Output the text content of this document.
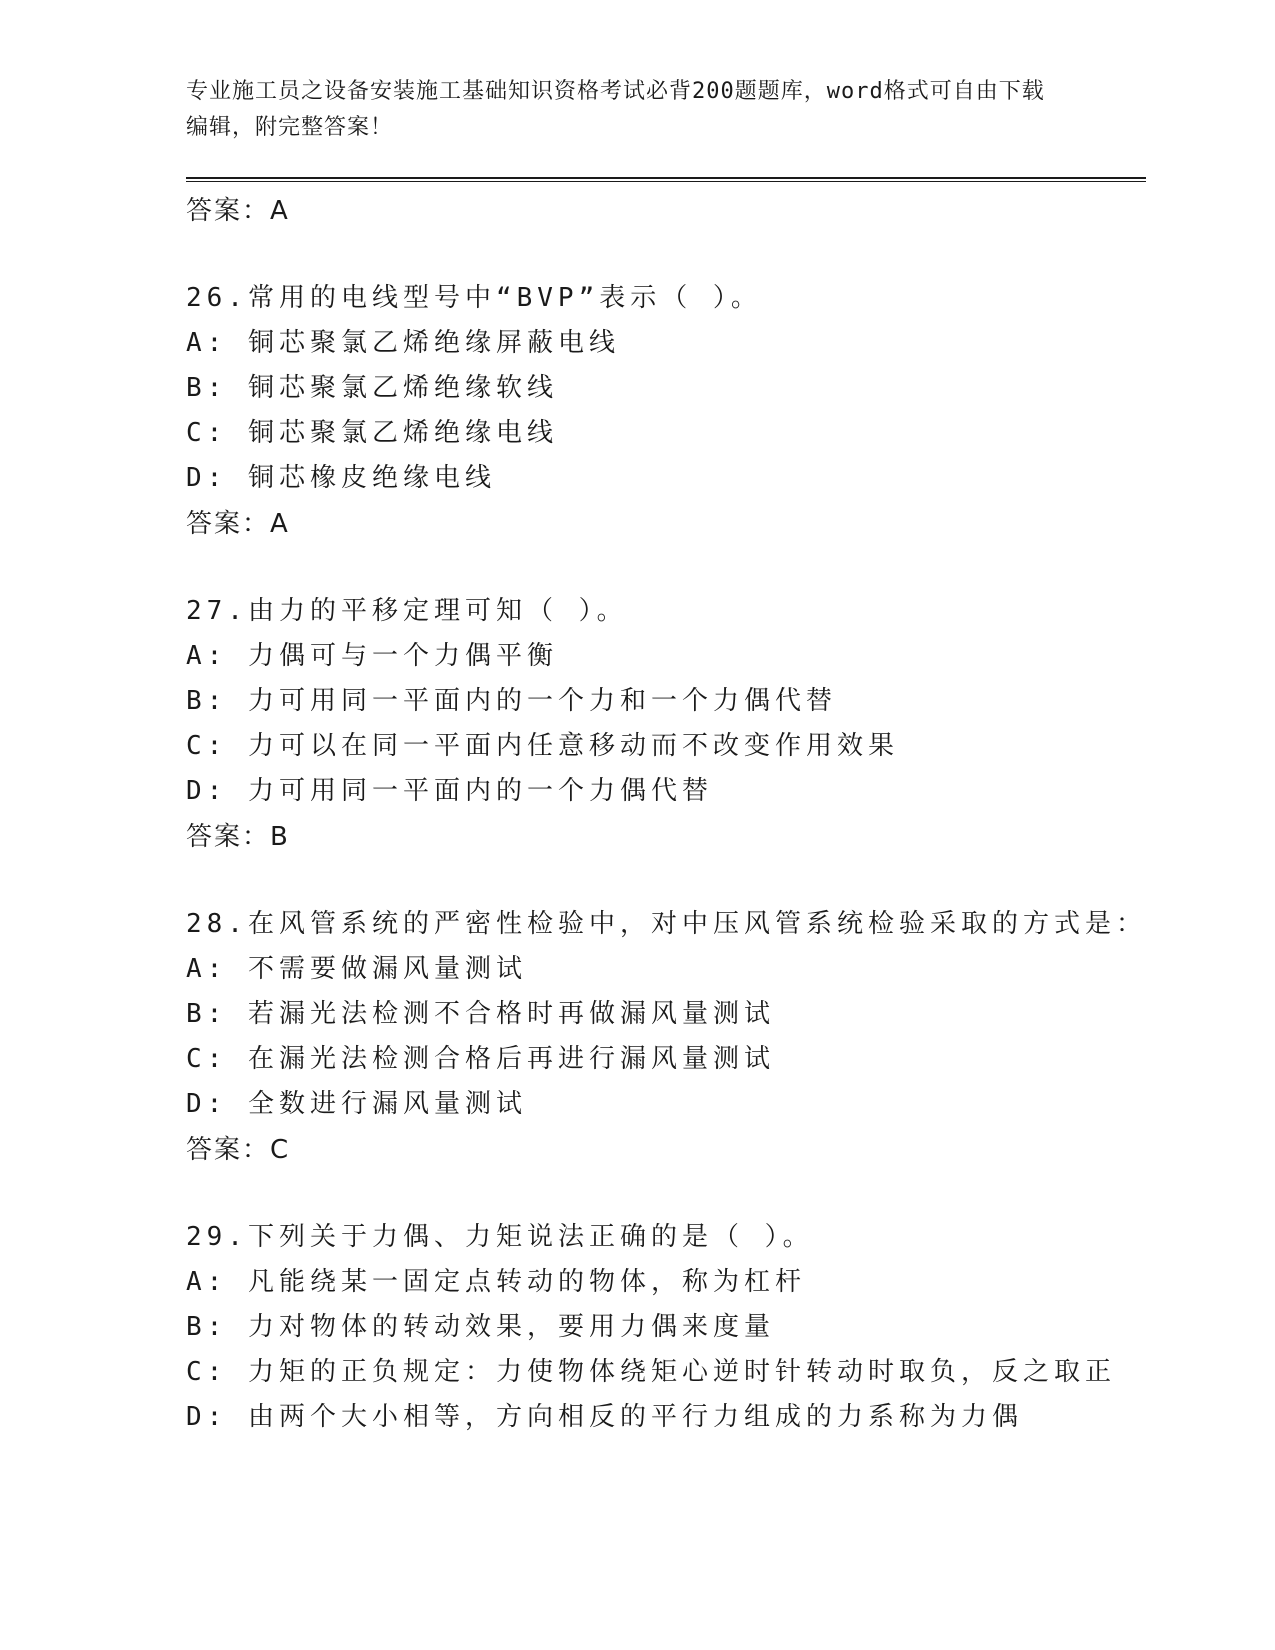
专业施工员之设备安装施工基础知识资格考试必背200题题库，word格式可自由下载编辑，附完整答案！
答案：A
26.常用的电线型号中“BVP”表示（ ）。
A: 铜芯聚氯乙烯绝缘屏蔽电线
B: 铜芯聚氯乙烯绝缘软线
C: 铜芯聚氯乙烯绝缘电线
D: 铜芯橡皮绝缘电线
答案：A
27.由力的平移定理可知（ ）。
A: 力偶可与一个力偶平衡
B: 力可用同一平面内的一个力和一个力偶代替
C: 力可以在同一平面内任意移动而不改变作用效果
D: 力可用同一平面内的一个力偶代替
答案：B
28.在风管系统的严密性检验中，对中压风管系统检验采取的方式是：
A: 不需要做漏风量测试
B: 若漏光法检测不合格时再做漏风量测试
C: 在漏光法检测合格后再进行漏风量测试
D: 全数进行漏风量测试
答案：C
29.下列关于力偶、力矩说法正确的是（ ）。
A: 凡能绕某一固定点转动的物体，称为杠杆
B: 力对物体的转动效果，要用力偶来度量
C: 力矩的正负规定：力使物体绕矩心逆时针转动时取负，反之取正
D: 由两个大小相等，方向相反的平行力组成的力系称为力偶
